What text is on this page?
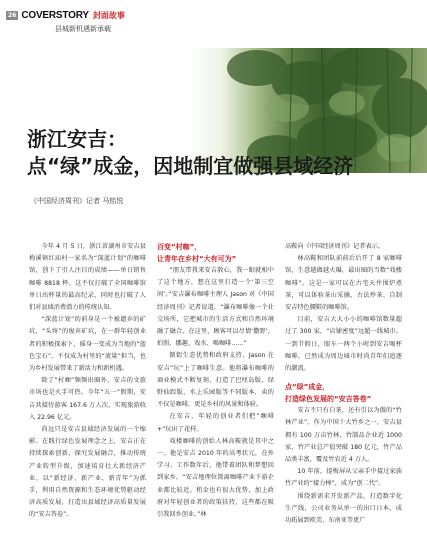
26 COVERSTORY 封面故事
县城新机遇新承载
浙江安吉：
点“绿”成金，因地制宜做强县域经济
《中国经济周刊》记者 马铭悦

今年 4 月 5 日，浙江省湖州市安吉县梅溪镇红庙村一家名为“深蓝计划”的咖啡馆，创下了引人注目的成绩——单日销售咖啡 8818 杯。这不仅打破了全国咖啡馆单日出杯量的最高纪录，同时也打破了人们对县域消费潜力的传统认知。

“深蓝计划”的前身是一个被遗弃的矿坑，“头疼”的废弃矿坑，在一群年轻创业者的积极探索下，摇身一变成为当地的“蓝色宝石”。不仅成为村里的“流量”担当，也为乡村发展带来了新活力和新机遇。

除了“村咖”频频出圈外，安吉的文旅市场也是火手可热。今年“五一”假期，安吉共接待游客 167.6 万人次，实现旅游收入 22.96 亿元。

尚远只是安吉县域经济发展的一个缩影。在践行绿色发展理念之上，安吉正在持续探索创新，探究发展融合，推动传统产业转型升级，加速培育壮大新经济产业，以“新经济、新产业、新青年”为抓手，利用自然资源和生态环境优势驱动经济高质发展，打造出县域经济高质量发展的“安吉答卷”。

百变“村咖”，

让青年在乡村“大有可为”

“朋友带我来安吉散心，我一眼就相中了这个地方，想在这里打造一个‘第三空间’。”安吉瀑布咖啡主理人 Jason 对《中国经济周刊》记者说道，“瀑布咖啡像一个社交场所，它把城市的生活方式和自然环境融了融合，在这里，顾客可以尽情‘撒野’，拍照、挪趣、戏水、喝咖啡……”

倒街生态优势和政府支持，Jason 在安吉“玩”上了咖啡生意。他将瀑布咖啡的商业模式不断复刻，打造了巴厘岛版、绿野仙踪版、水上乐园版等不同版本，卖的不仅是咖啡，更是乡村的风景和体验。

在安吉，年轻的创业者们把“咖啡 +”玩出了花样。

戏楼咖啡的创始人林高鞍就是其中之一。他是安吉 2010 年的高考状元，在外学习、工作数年后，他带着团队和梦想回到家乡。“安吉地理位置离咖啡产业下游企业都比较近。租金也有很大优势，加上政府对年轻创业者的政策扶持，这些都在吸引我回乡创业。”林

高鞍向《中国经济周刊》记者表示。

林高鞍和团队前前后后开了 8 家咖啡馆，生意越做越火爆，最出圈的当数“戏楼咖啡”。这是一家可以在古宅天井围炉煮茶，可以体验茶山采摘、古法炒茶、自制安吉特色腰鞋的咖啡馆。

目前，安吉大大小小的咖啡馆数量超过了 300 家，“店铺密度”远超一线城市。一到节假日，眼车一两个小时到安吉喝杯咖啡，已然成为周边城市时尚青年们追逐的潮流。

点“绿”成金，

打造绿色发展的“安吉答卷”

安吉不只有白茶，还有引以为傲的“竹林产业”。作为中国十大竹乡之一，安吉县拥有 100 万亩竹林，竹制品企业近 1000 家，竹产业总产值突破 180 亿元，竹产品品类丰富，覆及竹农近 4 万人。

10 年前，提梅屏从父亲手中接过家族竹产业的“接力棒”，成为“创二代”。

围绕新需求开发新产品，打造数字化生产线，公司业务从单一的出口日本，成功拓展到欧美、东南亚等更广
